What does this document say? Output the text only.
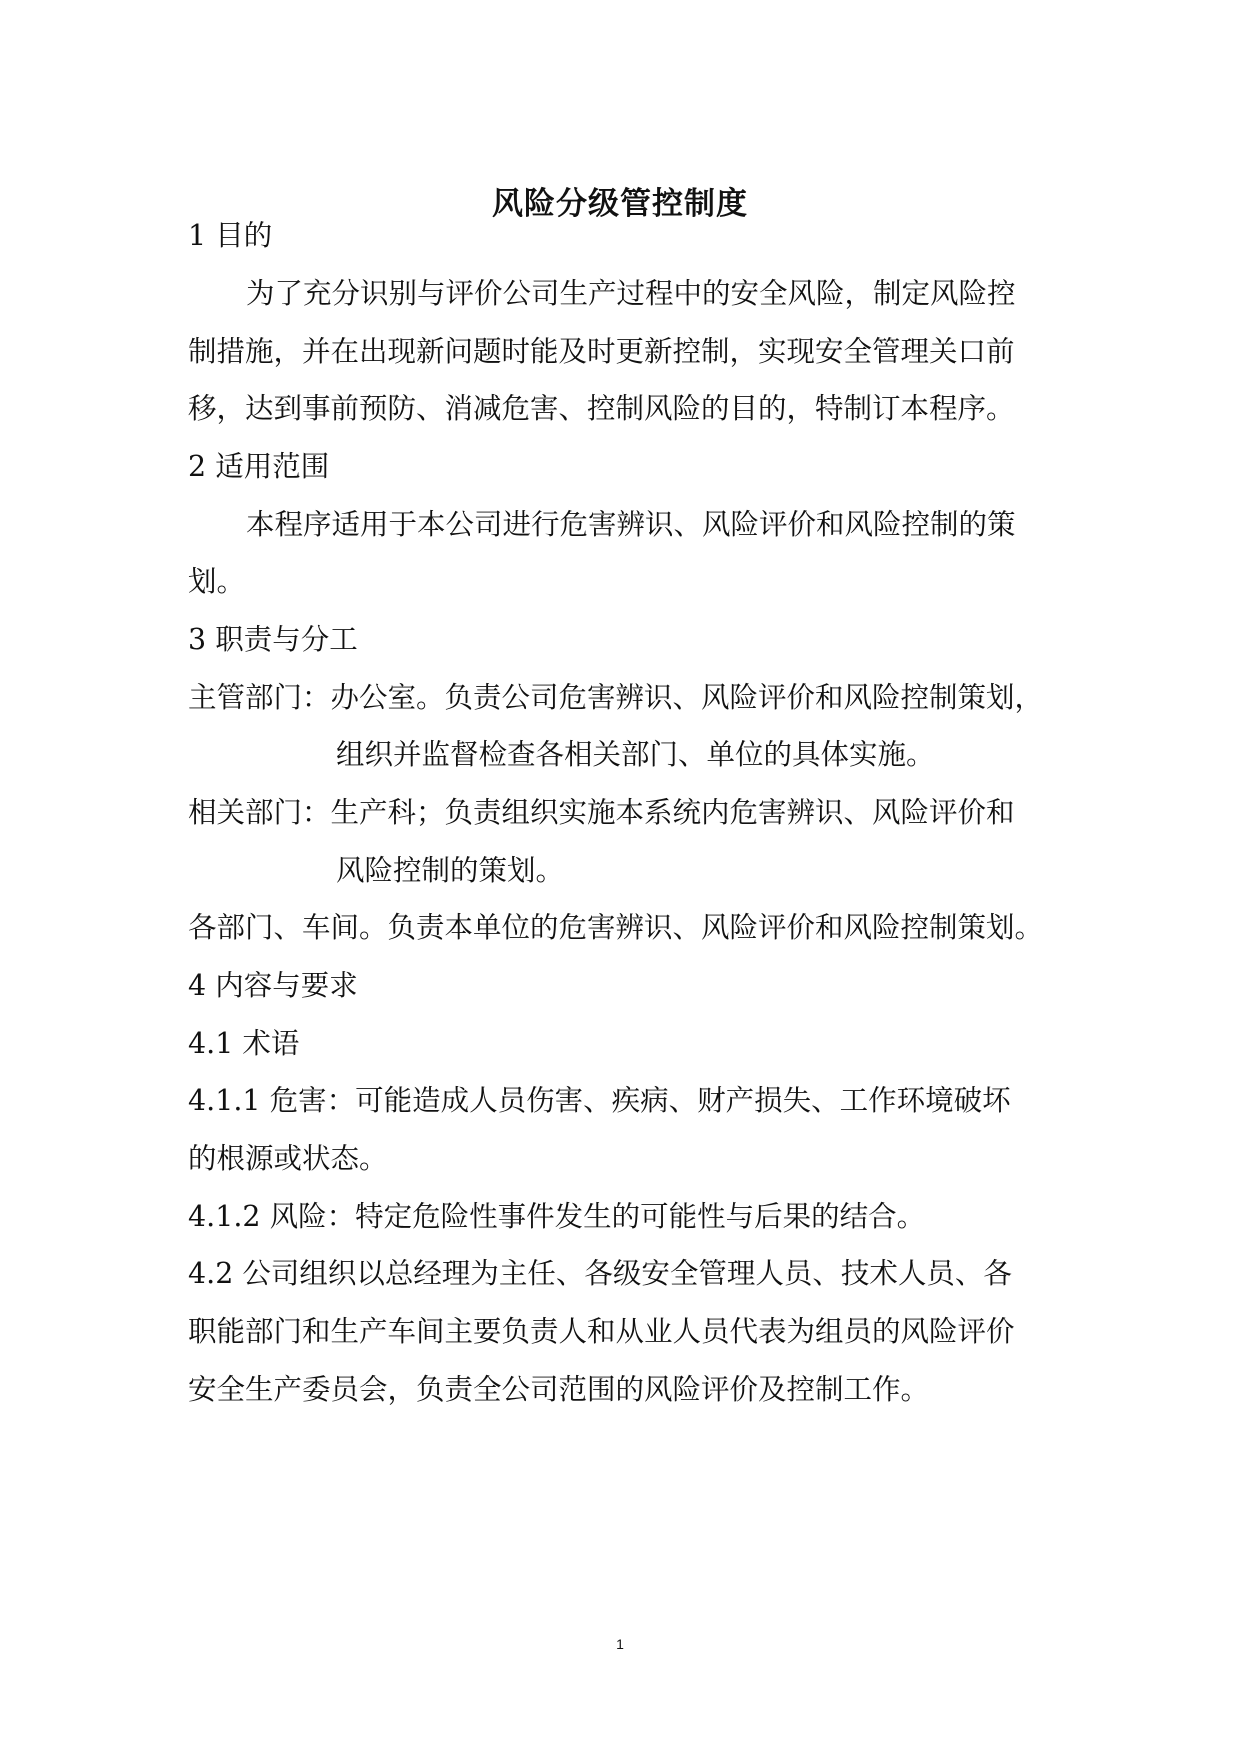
风险分级管控制度
1 目的
为了充分识别与评价公司生产过程中的安全风险，制定风险控
制措施，并在出现新问题时能及时更新控制，实现安全管理关口前
移，达到事前预防、消减危害、控制风险的目的，特制订本程序。
2 适用范围
本程序适用于本公司进行危害辨识、风险评价和风险控制的策
划。
3 职责与分工
主管部门：办公室。负责公司危害辨识、风险评价和风险控制策划，
组织并监督检查各相关部门、单位的具体实施。
相关部门：生产科；负责组织实施本系统内危害辨识、风险评价和
风险控制的策划。
各部门、车间。负责本单位的危害辨识、风险评价和风险控制策划。
4 内容与要求
4.1 术语
4.1.1 危害：可能造成人员伤害、疾病、财产损失、工作环境破坏
的根源或状态。
4.1.2 风险：特定危险性事件发生的可能性与后果的结合。
4.2 公司组织以总经理为主任、各级安全管理人员、技术人员、各
职能部门和生产车间主要负责人和从业人员代表为组员的风险评价
安全生产委员会，负责全公司范围的风险评价及控制工作。
1
